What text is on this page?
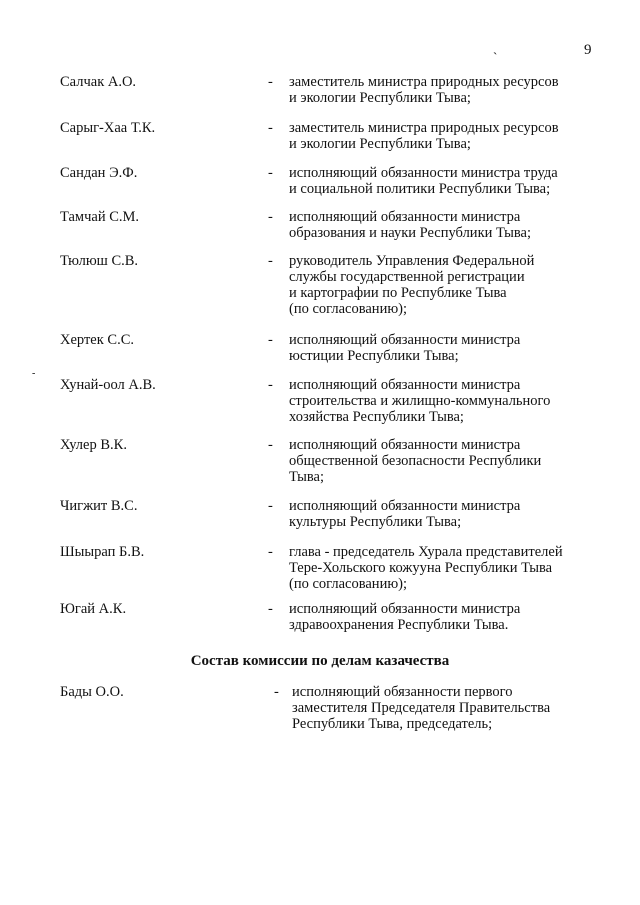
ˏ	9
-
Салчак А.О.	- заместитель министра природных ресурсов
и экологии Республики Тыва;
Сарыг-Хаа Т.К.	- заместитель министра природных ресурсов
и экологии Республики Тыва;
Сандан Э.Ф.	- исполняющий обязанности министра труда
и социальной политики Республики Тыва;
Тамчай С.М.	- исполняющий обязанности министра
образования и науки Республики Тыва;
Тюлюш С.В.	- руководитель Управления Федеральной
службы государственной регистрации
и картографии по Республике Тыва
(по согласованию);
Хертек С.С.	- исполняющий обязанности министра
юстиции Республики Тыва;
Хунай-оол А.В.	- исполняющий обязанности министра
строительства и жилищно-коммунального
хозяйства Республики Тыва;
Хулер В.К.	- исполняющий обязанности министра
общественной безопасности Республики
Тыва;
Чигжит В.С.	- исполняющий обязанности министра
культуры Республики Тыва;
Шыырап Б.В.	- глава - председатель Хурала представителей
Тере-Хольского кожууна Республики Тыва
(по согласованию);
Югай А.К.	- исполняющий обязанности министра
здравоохранения Республики Тыва.
Состав комиссии по делам казачества
Бады О.О.	- исполняющий обязанности первого
заместителя Председателя Правительства
Республики Тыва, председатель;
